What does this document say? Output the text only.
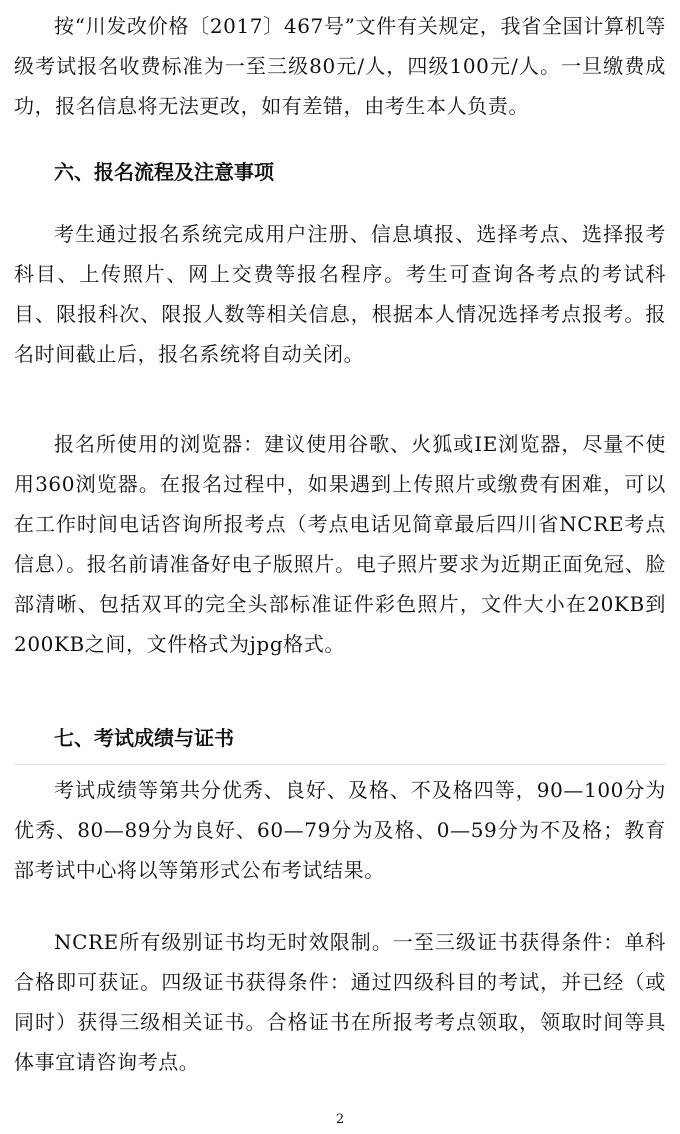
按“川发改价格〔2017〕467号”文件有关规定，我省全国计算机等级考试报名收费标准为一至三级80元/人，四级100元/人。一旦缴费成功，报名信息将无法更改，如有差错，由考生本人负责。

六、报名流程及注意事项

考生通过报名系统完成用户注册、信息填报、选择考点、选择报考科目、上传照片、网上交费等报名程序。考生可查询各考点的考试科目、限报科次、限报人数等相关信息，根据本人情况选择考点报考。报名时间截止后，报名系统将自动关闭。

报名所使用的浏览器：建议使用谷歌、火狐或IE浏览器，尽量不使用360浏览器。在报名过程中，如果遇到上传照片或缴费有困难，可以在工作时间电话咨询所报考点（考点电话见简章最后四川省NCRE考点信息）。报名前请准备好电子版照片。电子照片要求为近期正面免冠、脸部清晰、包括双耳的完全头部标准证件彩色照片，文件大小在20KB到200KB之间，文件格式为jpg格式。

七、考试成绩与证书

考试成绩等第共分优秀、良好、及格、不及格四等，90—100分为优秀、80—89分为良好、60—79分为及格、0—59分为不及格；教育部考试中心将以等第形式公布考试结果。

NCRE所有级别证书均无时效限制。一至三级证书获得条件：单科合格即可获证。四级证书获得条件：通过四级科目的考试，并已经（或同时）获得三级相关证书。合格证书在所报考考点领取，领取时间等具体事宜请咨询考点。

2
